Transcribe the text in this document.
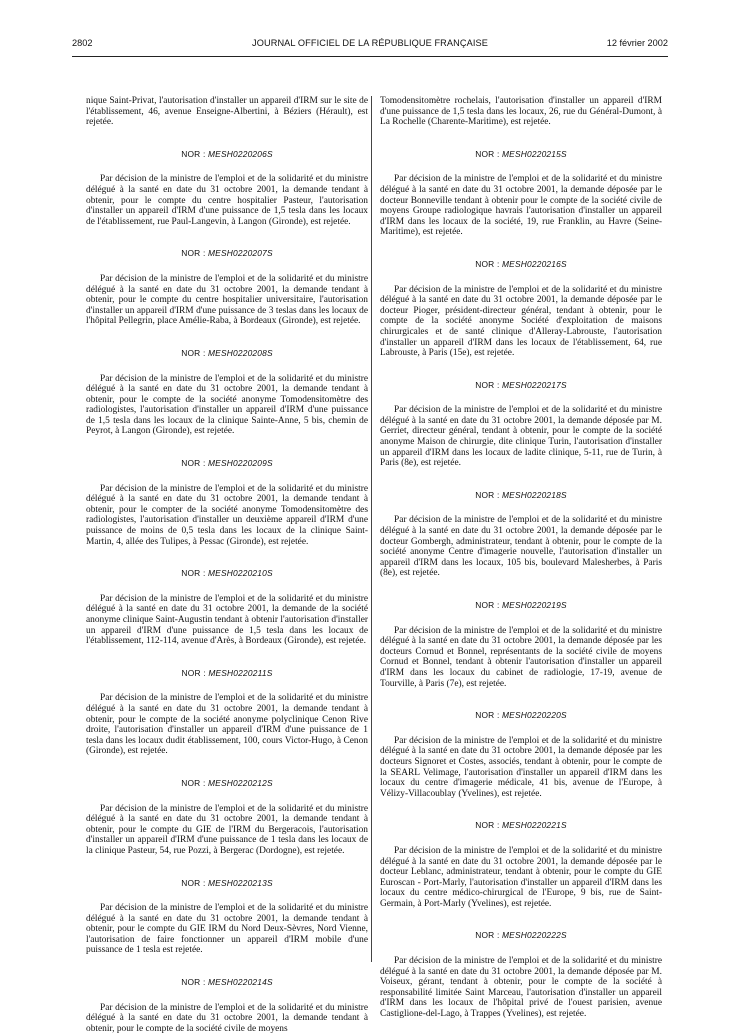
2802	JOURNAL OFFICIEL DE LA RÉPUBLIQUE FRANÇAISE	12 février 2002

nique Saint-Privat, l'autorisation d'installer un appareil d'IRM sur le site de l'établissement, 46, avenue Enseigne-Albertini, à Béziers (Hérault), est rejetée.

NOR : MESH0220206S

Par décision de la ministre de l'emploi et de la solidarité et du ministre délégué à la santé en date du 31 octobre 2001, la demande tendant à obtenir, pour le compte du centre hospitalier Pasteur, l'autorisation d'installer un appareil d'IRM d'une puissance de 1,5 tesla dans les locaux de l'établissement, rue Paul-Langevin, à Langon (Gironde), est rejetée.

NOR : MESH0220207S

Par décision de la ministre de l'emploi et de la solidarité et du ministre délégué à la santé en date du 31 octobre 2001, la demande tendant à obtenir, pour le compte du centre hospitalier universitaire, l'autorisation d'installer un appareil d'IRM d'une puissance de 3 teslas dans les locaux de l'hôpital Pellegrin, place Amélie-Raba, à Bordeaux (Gironde), est rejetée.

NOR : MESH0220208S

Par décision de la ministre de l'emploi et de la solidarité et du ministre délégué à la santé en date du 31 octobre 2001, la demande tendant à obtenir, pour le compte de la société anonyme Tomodensitomètre des radiologistes, l'autorisation d'installer un appareil d'IRM d'une puissance de 1,5 tesla dans les locaux de la clinique Sainte-Anne, 5 bis, chemin de Peyrot, à Langon (Gironde), est rejetée.

NOR : MESH0220209S

Par décision de la ministre de l'emploi et de la solidarité et du ministre délégué à la santé en date du 31 octobre 2001, la demande tendant à obtenir, pour le compter de la société anonyme Tomodensitomètre des radiologistes, l'autorisation d'installer un deuxième appareil d'IRM d'une puissance de moins de 0,5 tesla dans les locaux de la clinique Saint-Martin, 4, allée des Tulipes, à Pessac (Gironde), est rejetée.

NOR : MESH0220210S

Par décision de la ministre de l'emploi et de la solidarité et du ministre délégué à la santé en date du 31 octobre 2001, la demande de la société anonyme clinique Saint-Augustin tendant à obtenir l'autorisation d'installer un appareil d'IRM d'une puissance de 1,5 tesla dans les locaux de l'établissement, 112-114, avenue d'Arès, à Bordeaux (Gironde), est rejetée.

NOR : MESH0220211S

Par décision de la ministre de l'emploi et de la solidarité et du ministre délégué à la santé en date du 31 octobre 2001, la demande tendant à obtenir, pour le compte de la société anonyme polyclinique Cenon Rive droite, l'autorisation d'installer un appareil d'IRM d'une puissance de 1 tesla dans les locaux dudit établissement, 100, cours Victor-Hugo, à Cenon (Gironde), est rejetée.

NOR : MESH0220212S

Par décision de la ministre de l'emploi et de la solidarité et du ministre délégué à la santé en date du 31 octobre 2001, la demande tendant à obtenir, pour le compte du GIE de l'IRM du Bergeracois, l'autorisation d'installer un appareil d'IRM d'une puissance de 1 tesla dans les locaux de la clinique Pasteur, 54, rue Pozzi, à Bergerac (Dordogne), est rejetée.

NOR : MESH0220213S

Par décision de la ministre de l'emploi et de la solidarité et du ministre délégué à la santé en date du 31 octobre 2001, la demande tendant à obtenir, pour le compte du GIE IRM du Nord Deux-Sèvres, Nord Vienne, l'autorisation de faire fonctionner un appareil d'IRM mobile d'une puissance de 1 tesla est rejetée.

NOR : MESH0220214S

Par décision de la ministre de l'emploi et de la solidarité et du ministre délégué à la santé en date du 31 octobre 2001, la demande tendant à obtenir, pour le compte de la société civile de moyens

Tomodensitomètre rochelais, l'autorisation d'installer un appareil d'IRM d'une puissance de 1,5 tesla dans les locaux, 26, rue du Général-Dumont, à La Rochelle (Charente-Maritime), est rejetée.

NOR : MESH0220215S

Par décision de la ministre de l'emploi et de la solidarité et du ministre délégué à la santé en date du 31 octobre 2001, la demande déposée par le docteur Bonneville tendant à obtenir pour le compte de la société civile de moyens Groupe radiologique havrais l'autorisation d'installer un appareil d'IRM dans les locaux de la société, 19, rue Franklin, au Havre (Seine-Maritime), est rejetée.

NOR : MESH0220216S

Par décision de la ministre de l'emploi et de la solidarité et du ministre délégué à la santé en date du 31 octobre 2001, la demande déposée par le docteur Pioger, président-directeur général, tendant à obtenir, pour le compte de la société anonyme Société d'exploitation de maisons chirurgicales et de santé clinique d'Alleray-Labrouste, l'autorisation d'installer un appareil d'IRM dans les locaux de l'établissement, 64, rue Labrouste, à Paris (15e), est rejetée.

NOR : MESH0220217S

Par décision de la ministre de l'emploi et de la solidarité et du ministre délégué à la santé en date du 31 octobre 2001, la demande déposée par M. Gerriet, directeur général, tendant à obtenir, pour le compte de la société anonyme Maison de chirurgie, dite clinique Turin, l'autorisation d'installer un appareil d'IRM dans les locaux de ladite clinique, 5-11, rue de Turin, à Paris (8e), est rejetée.

NOR : MESH0220218S

Par décision de la ministre de l'emploi et de la solidarité et du ministre délégué à la santé en date du 31 octobre 2001, la demande déposée par le docteur Gombergh, administrateur, tendant à obtenir, pour le compte de la société anonyme Centre d'imagerie nouvelle, l'autorisation d'installer un appareil d'IRM dans les locaux, 105 bis, boulevard Malesherbes, à Paris (8e), est rejetée.

NOR : MESH0220219S

Par décision de la ministre de l'emploi et de la solidarité et du ministre délégué à la santé en date du 31 octobre 2001, la demande déposée par les docteurs Cornud et Bonnel, représentants de la société civile de moyens Cornud et Bonnel, tendant à obtenir l'autorisation d'installer un appareil d'IRM dans les locaux du cabinet de radiologie, 17-19, avenue de Tourville, à Paris (7e), est rejetée.

NOR : MESH0220220S

Par décision de la ministre de l'emploi et de la solidarité et du ministre délégué à la santé en date du 31 octobre 2001, la demande déposée par les docteurs Signoret et Costes, associés, tendant à obtenir, pour le compte de la SEARL Velimage, l'autorisation d'installer un appareil d'IRM dans les locaux du centre d'imagerie médicale, 41 bis, avenue de l'Europe, à Vélizy-Villacoublay (Yvelines), est rejetée.

NOR : MESH0220221S

Par décision de la ministre de l'emploi et de la solidarité et du ministre délégué à la santé en date du 31 octobre 2001, la demande déposée par le docteur Leblanc, administrateur, tendant à obtenir, pour le compte du GIE Euroscan - Port-Marly, l'autorisation d'installer un appareil d'IRM dans les locaux du centre médico-chirurgical de l'Europe, 9 bis, rue de Saint-Germain, à Port-Marly (Yvelines), est rejetée.

NOR : MESH0220222S

Par décision de la ministre de l'emploi et de la solidarité et du ministre délégué à la santé en date du 31 octobre 2001, la demande déposée par M. Voiseux, gérant, tendant à obtenir, pour le compte de la société à responsabilité limitée Saint Marceau, l'autorisation d'installer un appareil d'IRM dans les locaux de l'hôpital privé de l'ouest parisien, avenue Castiglione-del-Lago, à Trappes (Yvelines), est rejetée.
